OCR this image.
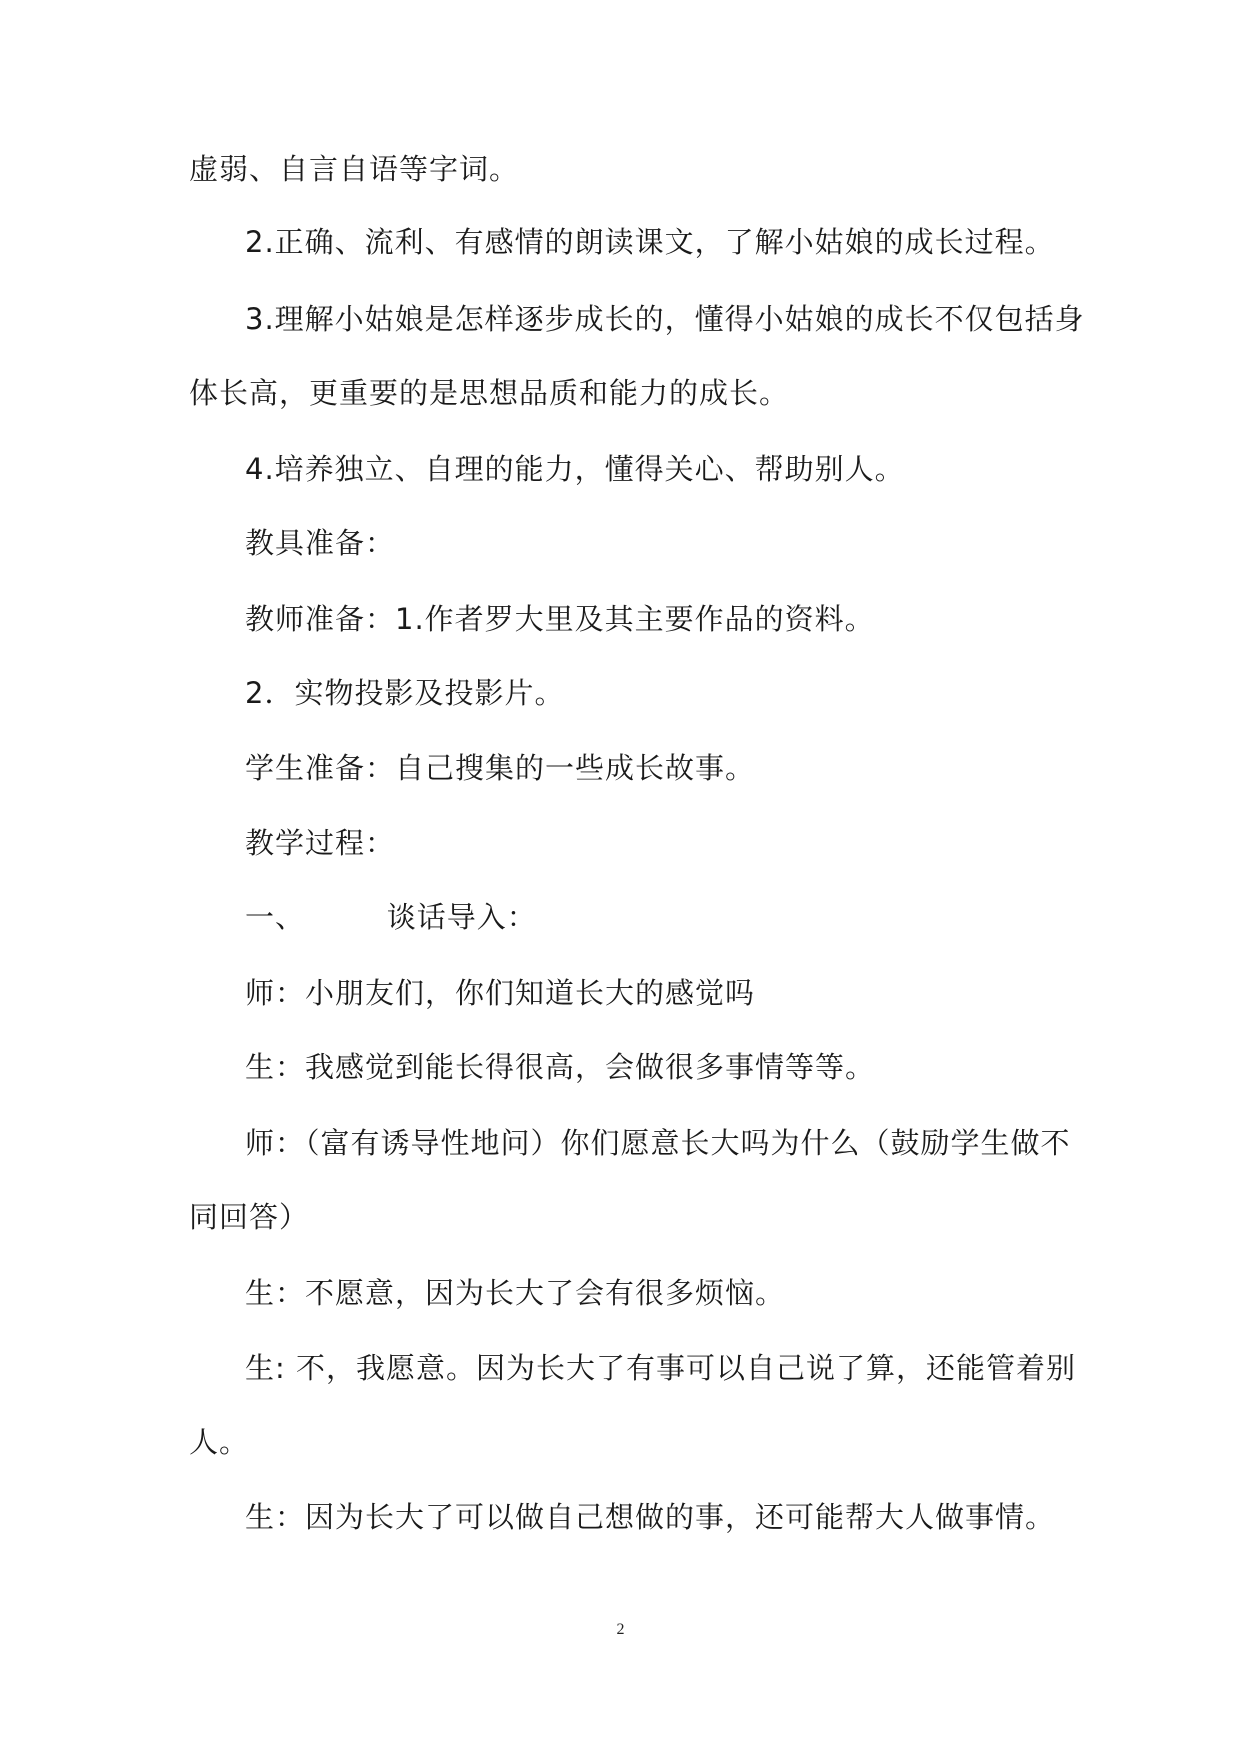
虚弱、自言自语等字词。
2.正确、流利、有感情的朗读课文，了解小姑娘的成长过程。
3.理解小姑娘是怎样逐步成长的，懂得小姑娘的成长不仅包括身
体长高，更重要的是思想品质和能力的成长。
4.培养独立、自理的能力，懂得关心、帮助别人。
教具准备：
教师准备：1.作者罗大里及其主要作品的资料。
2．实物投影及投影片。
学生准备：自己搜集的一些成长故事。
教学过程：
一、        谈话导入：
师：小朋友们，你们知道长大的感觉吗
生：我感觉到能长得很高，会做很多事情等等。
师：（富有诱导性地问）你们愿意长大吗为什么（鼓励学生做不
同回答）
生：不愿意，因为长大了会有很多烦恼。
生: 不，我愿意。因为长大了有事可以自己说了算，还能管着别
人。
生：因为长大了可以做自己想做的事，还可能帮大人做事情。
2
